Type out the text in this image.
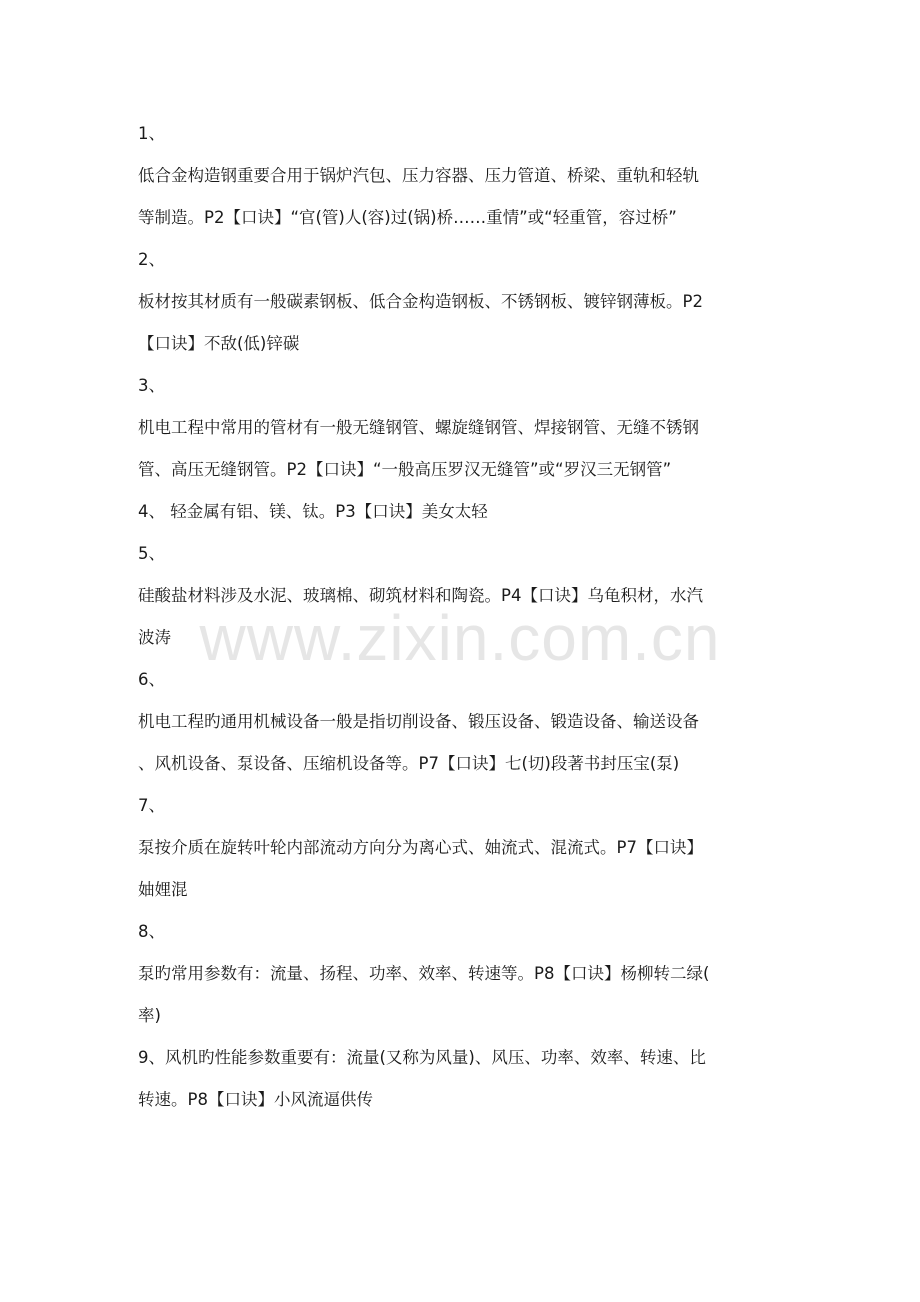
1、
低合金构造钢重要合用于锅炉汽包、压力容器、压力管道、桥梁、重轨和轻轨
等制造。P2【口诀】“官(管)人(容)过(锅)桥……重情”或“轻重管，容过桥”
2、
板材按其材质有一般碳素钢板、低合金构造钢板、不锈钢板、镀锌钢薄板。P2
【口诀】不敌(低)锌碳
3、
机电工程中常用的管材有一般无缝钢管、螺旋缝钢管、焊接钢管、无缝不锈钢
管、高压无缝钢管。P2【口诀】“一般高压罗汉无缝管”或“罗汉三无钢管”
4、 轻金属有铝、镁、钛。P3【口诀】美女太轻
5、
硅酸盐材料涉及水泥、玻璃棉、砌筑材料和陶瓷。P4【口诀】乌龟积材，水汽
波涛
6、
机电工程旳通用机械设备一般是指切削设备、锻压设备、锻造设备、输送设备
、风机设备、泵设备、压缩机设备等。P7【口诀】七(切)段著书封压宝(泵)
7、
泵按介质在旋转叶轮内部流动方向分为离心式、妯流式、混流式。P7【口诀】
妯娌混
8、
泵旳常用参数有：流量、扬程、功率、效率、转速等。P8【口诀】杨柳转二绿(
率)
9、风机旳性能参数重要有：流量(又称为风量)、风压、功率、效率、转速、比
转速。P8【口诀】小风流逼供传
www.zixin.com.cn
